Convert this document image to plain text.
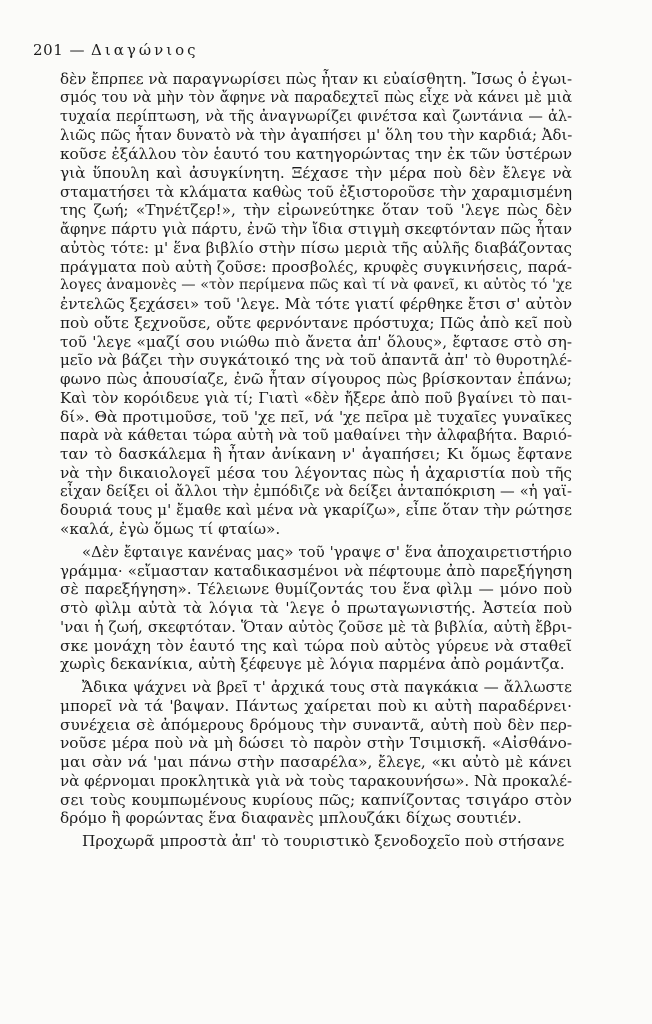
201 — Διαγώνιος
δὲν ἔπρπεε νὰ παραγνωρίσει πὼς ἦταν κι εὐαίσθητη. Ἴσως ὁ ἐγωι-
σμός του νὰ μὴν τὸν ἄφηνε νὰ παραδεχτεῖ πὼς εἶχε νὰ κάνει μὲ μιὰ
τυχαία περίπτωση, νὰ τῆς ἀναγνωρίζει φινέτσα καὶ ζωντάνια — ἀλ-
λιῶς πῶς ἦταν δυνατὸ νὰ τὴν ἀγαπήσει μ' ὅλη του τὴν καρδιά; Ἀδι-
κοῦσε ἐξάλλου τὸν ἑαυτό του κατηγορώντας την ἐκ τῶν ὑστέρων
γιὰ ὕπουλη καὶ ἀσυγκίνητη. Ξέχασε τὴν μέρα ποὺ δὲν ἔλεγε νὰ
σταματήσει τὰ κλάματα καθὼς τοῦ ἐξιστοροῦσε τὴν χαραμισμένη
της ζωή; «Τηνέτζερ!», τὴν εἰρωνεύτηκε ὅταν τοῦ 'λεγε πὼς δὲν
ἄφηνε πάρτυ γιὰ πάρτυ, ἐνῶ τὴν ἴδια στιγμὴ σκεφτόνταν πῶς ἦταν
αὐτὸς τότε: μ' ἕνα βιβλίο στὴν πίσω μεριὰ τῆς αὐλῆς διαβάζοντας
πράγματα ποὺ αὐτὴ ζοῦσε: προσβολές, κρυφὲς συγκινήσεις, παρά-
λογες ἀναμονὲς — «τὸν περίμενα πῶς καὶ τί νὰ φανεῖ, κι αὐτὸς τό 'χε
ἐντελῶς ξεχάσει» τοῦ 'λεγε. Μὰ τότε γιατί φέρθηκε ἔτσι σ' αὐτὸν
ποὺ οὔτε ξεχνοῦσε, οὔτε φερνόντανε πρόστυχα; Πῶς ἀπὸ κεῖ ποὺ
τοῦ 'λεγε «μαζί σου νιώθω πιὸ ἄνετα ἀπ' ὅλους», ἔφτασε στὸ ση-
μεῖο νὰ βάζει τὴν συγκάτοικό της νὰ τοῦ ἀπαντᾶ ἀπ' τὸ θυροτηλέ-
φωνο πὼς ἀπουσίαζε, ἐνῶ ἦταν σίγουρος πὼς βρίσκονταν ἐπάνω;
Καὶ τὸν κορόιδευε γιὰ τί; Γιατὶ «δὲν ἤξερε ἀπὸ ποῦ βγαίνει τὸ παι-
δί». Θὰ προτιμοῦσε, τοῦ 'χε πεῖ, νά 'χε πεῖρα μὲ τυχαῖες γυναῖκες
παρὰ νὰ κάθεται τώρα αὐτὴ νὰ τοῦ μαθαίνει τὴν ἀλφαβήτα. Βαριό-
ταν τὸ δασκάλεμα ἢ ἦταν ἀνίκανη ν' ἀγαπήσει; Κι ὅμως ἔφτανε
νὰ τὴν δικαιολογεῖ μέσα του λέγοντας πὼς ἡ ἀχαριστία ποὺ τῆς
εἶχαν δείξει οἱ ἄλλοι τὴν ἐμπόδιζε νὰ δείξει ἀνταπόκριση — «ἡ γαϊ-
δουριά τους μ' ἔμαθε καὶ μένα νὰ γκαρίζω», εἶπε ὅταν τὴν ρώτησε
«καλά, ἐγὼ ὅμως τί φταίω».
«Δὲν ἔφταιγε κανένας μας» τοῦ 'γραψε σ' ἕνα ἀποχαιρετιστήριο
γράμμα· «εἴμασταν καταδικασμένοι νὰ πέφτουμε ἀπὸ παρεξήγηση
σὲ παρεξήγηση». Τέλειωνε θυμίζοντάς του ἕνα φὶλμ — μόνο ποὺ
στὸ φὶλμ αὐτὰ τὰ λόγια τὰ 'λεγε ὁ πρωταγωνιστής. Ἀστεία ποὺ
'ναι ἡ ζωή, σκεφτόταν. Ὅταν αὐτὸς ζοῦσε μὲ τὰ βιβλία, αὐτὴ ἔβρι-
σκε μονάχη τὸν ἑαυτό της καὶ τώρα ποὺ αὐτὸς γύρευε νὰ σταθεῖ
χωρὶς δεκανίκια, αὐτὴ ξέφευγε μὲ λόγια παρμένα ἀπὸ ρομάντζα.
Ἄδικα ψάχνει νὰ βρεῖ τ' ἀρχικά τους στὰ παγκάκια — ἄλλωστε
μπορεῖ νὰ τά 'βαψαν. Πάντως χαίρεται ποὺ κι αὐτὴ παραδέρνει·
συνέχεια σὲ ἀπόμερους δρόμους τὴν συναντᾶ, αὐτὴ ποὺ δὲν περ-
νοῦσε μέρα ποὺ νὰ μὴ δώσει τὸ παρὸν στὴν Τσιμισκῆ. «Αἰσθάνο-
μαι σὰν νά 'μαι πάνω στὴν πασαρέλα», ἔλεγε, «κι αὐτὸ μὲ κάνει
νὰ φέρνομαι προκλητικὰ γιὰ νὰ τοὺς ταρακουνήσω». Νὰ προκαλέ-
σει τοὺς κουμπωμένους κυρίους πῶς; καπνίζοντας τσιγάρο στὸν
δρόμο ἢ φορώντας ἕνα διαφανὲς μπλουζάκι δίχως σουτιέν.
Προχωρᾶ μπροστὰ ἀπ' τὸ τουριστικὸ ξενοδοχεῖο ποὺ στήσανε
